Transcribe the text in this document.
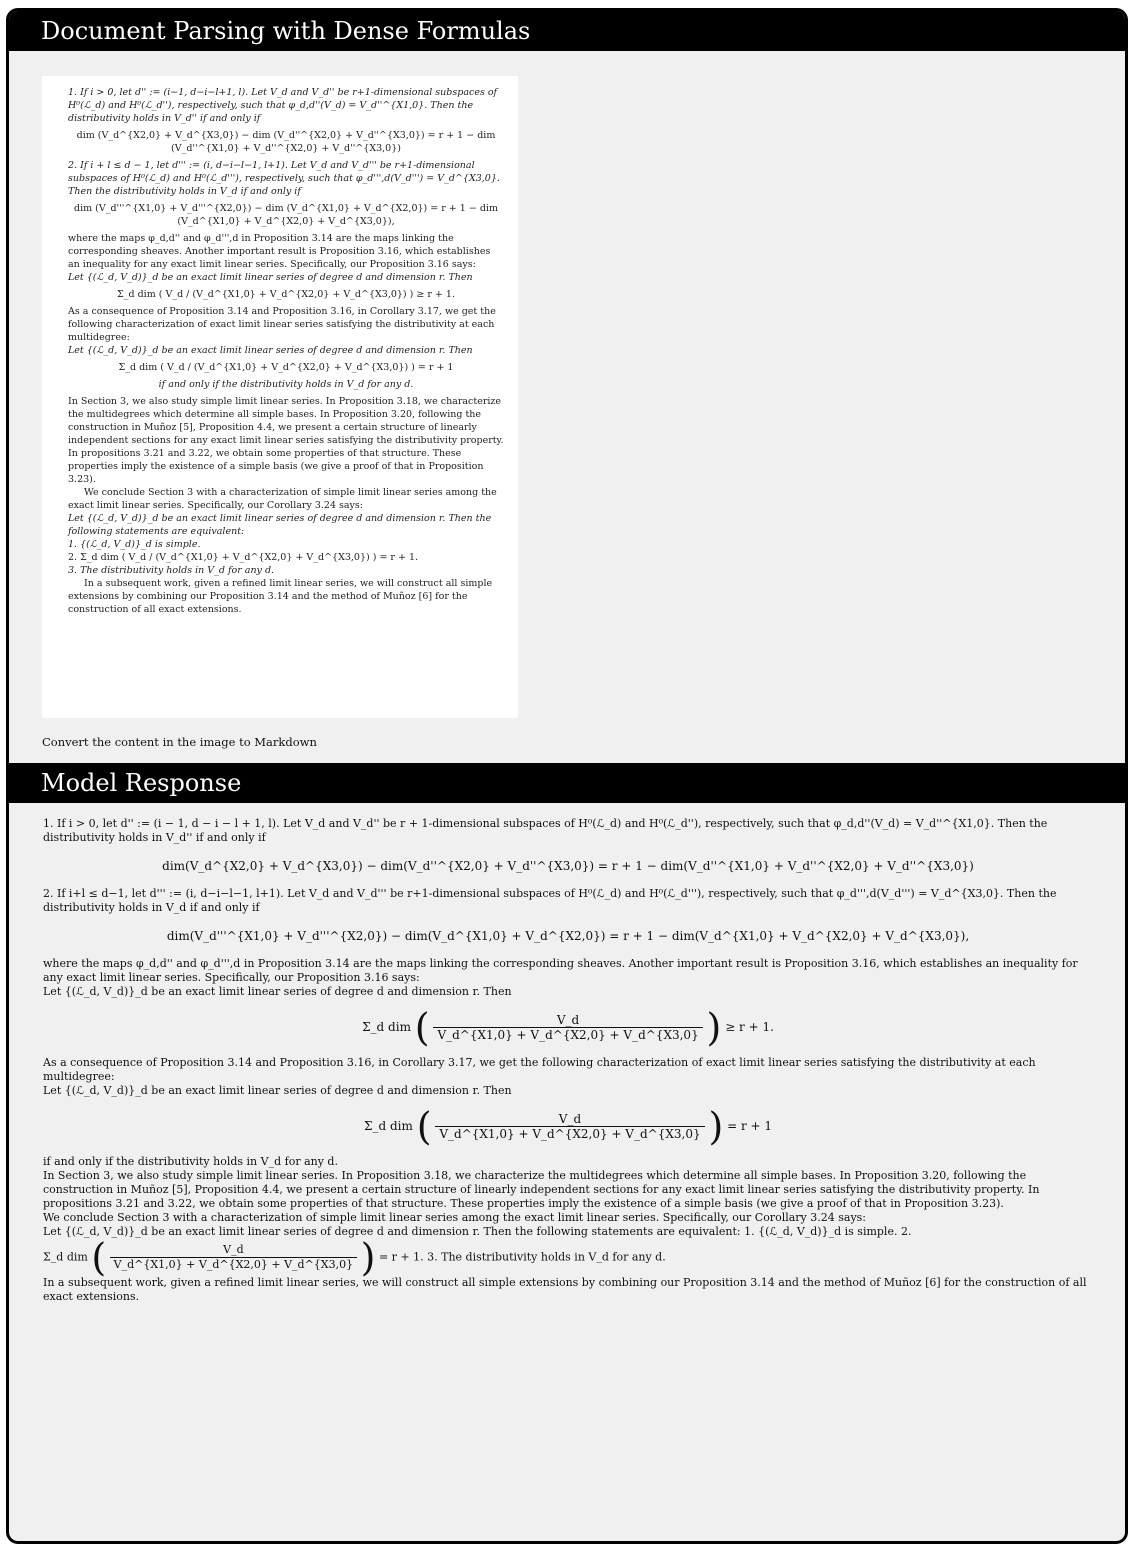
Document Parsing with Dense Formulas

1. If i > 0, let d'' := (i−1, d−i−l+1, l). Let V_d and V_d'' be r+1-dimensional subspaces of H⁰(ℒ_d) and H⁰(ℒ_d''), respectively, such that φ_d,d''(V_d) = V_d''^{X1,0}. Then the distributivity holds in V_d'' if and only if

dim (V_d^{X2,0} + V_d^{X3,0}) − dim (V_d''^{X2,0} + V_d''^{X3,0}) = r + 1 − dim (V_d''^{X1,0} + V_d''^{X2,0} + V_d''^{X3,0})

2. If i + l ≤ d − 1, let d''' := (i, d−i−l−1, l+1). Let V_d and V_d''' be r+1-dimensional subspaces of H⁰(ℒ_d) and H⁰(ℒ_d'''), respectively, such that φ_d''',d(V_d''') = V_d^{X3,0}. Then the distributivity holds in V_d if and only if

dim (V_d'''^{X1,0} + V_d'''^{X2,0}) − dim (V_d^{X1,0} + V_d^{X2,0}) = r + 1 − dim (V_d^{X1,0} + V_d^{X2,0} + V_d^{X3,0}),

where the maps φ_d,d'' and φ_d''',d in Proposition 3.14 are the maps linking the corresponding sheaves. Another important result is Proposition 3.16, which establishes an inequality for any exact limit linear series. Specifically, our Proposition 3.16 says:

Let {(ℒ_d, V_d)}_d be an exact limit linear series of degree d and dimension r. Then

Σ_d dim ( V_d / (V_d^{X1,0} + V_d^{X2,0} + V_d^{X3,0}) ) ≥ r + 1.

As a consequence of Proposition 3.14 and Proposition 3.16, in Corollary 3.17, we get the following characterization of exact limit linear series satisfying the distributivity at each multidegree:

Let {(ℒ_d, V_d)}_d be an exact limit linear series of degree d and dimension r. Then

Σ_d dim ( V_d / (V_d^{X1,0} + V_d^{X2,0} + V_d^{X3,0}) ) = r + 1

if and only if the distributivity holds in V_d for any d.

In Section 3, we also study simple limit linear series. In Proposition 3.18, we characterize the multidegrees which determine all simple bases. In Proposition 3.20, following the construction in Muñoz [5], Proposition 4.4, we present a certain structure of linearly independent sections for any exact limit linear series satisfying the distributivity property. In propositions 3.21 and 3.22, we obtain some properties of that structure. These properties imply the existence of a simple basis (we give a proof of that in Proposition 3.23).

We conclude Section 3 with a characterization of simple limit linear series among the exact limit linear series. Specifically, our Corollary 3.24 says:

Let {(ℒ_d, V_d)}_d be an exact limit linear series of degree d and dimension r. Then the following statements are equivalent:

1. {(ℒ_d, V_d)}_d is simple.

2. Σ_d dim ( V_d / (V_d^{X1,0} + V_d^{X2,0} + V_d^{X3,0}) ) = r + 1.

3. The distributivity holds in V_d for any d.

In a subsequent work, given a refined limit linear series, we will construct all simple extensions by combining our Proposition 3.14 and the method of Muñoz [6] for the construction of all exact extensions.

Convert the content in the image to Markdown
Model Response

1. If i > 0, let d'' := (i − 1, d − i − l + 1, l). Let V_d and V_d'' be r + 1-dimensional subspaces of H⁰(ℒ_d) and H⁰(ℒ_d''), respectively, such that φ_d,d''(V_d) = V_d''^{X1,0}. Then the distributivity holds in V_d'' if and only if

dim(V_d^{X2,0} + V_d^{X3,0}) − dim(V_d''^{X2,0} + V_d''^{X3,0}) = r + 1 − dim(V_d''^{X1,0} + V_d''^{X2,0} + V_d''^{X3,0})

2. If i+l ≤ d−1, let d''' := (i, d−i−l−1, l+1). Let V_d and V_d''' be r+1-dimensional subspaces of H⁰(ℒ_d) and H⁰(ℒ_d'''), respectively, such that φ_d''',d(V_d''') = V_d^{X3,0}. Then the distributivity holds in V_d if and only if

dim(V_d'''^{X1,0} + V_d'''^{X2,0}) − dim(V_d^{X1,0} + V_d^{X2,0}) = r + 1 − dim(V_d^{X1,0} + V_d^{X2,0} + V_d^{X3,0}),

where the maps φ_d,d'' and φ_d''',d in Proposition 3.14 are the maps linking the corresponding sheaves. Another important result is Proposition 3.16, which establishes an inequality for any exact limit linear series. Specifically, our Proposition 3.16 says:

Let {(ℒ_d, V_d)}_d be an exact limit linear series of degree d and dimension r. Then

Σ_d dim ( $\frac{V\_d}{V\_d\^{}\{X1,0\} + V\_d\^{}\{X2,0\} + V\_d\^{}\{X3,0\}}$ ) ≥ r + 1.

As a consequence of Proposition 3.14 and Proposition 3.16, in Corollary 3.17, we get the following characterization of exact limit linear series satisfying the distributivity at each multidegree:

Let {(ℒ_d, V_d)}_d be an exact limit linear series of degree d and dimension r. Then

Σ_d dim ( $\frac{V\_d}{V\_d\^{}\{X1,0\} + V\_d\^{}\{X2,0\} + V\_d\^{}\{X3,0\}}$ ) = r + 1

if and only if the distributivity holds in V_d for any d.

In Section 3, we also study simple limit linear series. In Proposition 3.18, we characterize the multidegrees which determine all simple bases. In Proposition 3.20, following the construction in Muñoz [5], Proposition 4.4, we present a certain structure of linearly independent sections for any exact limit linear series satisfying the distributivity property. In propositions 3.21 and 3.22, we obtain some properties of that structure. These properties imply the existence of a simple basis (we give a proof of that in Proposition 3.23).

We conclude Section 3 with a characterization of simple limit linear series among the exact limit linear series. Specifically, our Corollary 3.24 says:

Let {(ℒ_d, V_d)}_d be an exact limit linear series of degree d and dimension r. Then the following statements are equivalent: 1. {(ℒ_d, V_d)}_d is simple. 2.

Σ_d dim ( $\frac{V\_d}{V\_d\^{}\{X1,0\} + V\_d\^{}\{X2,0\} + V\_d\^{}\{X3,0\}}$ ) = r + 1. 3. The distributivity holds in V_d for any d.

In a subsequent work, given a refined limit linear series, we will construct all simple extensions by combining our Proposition 3.14 and the method of Muñoz [6] for the construction of all exact extensions.
